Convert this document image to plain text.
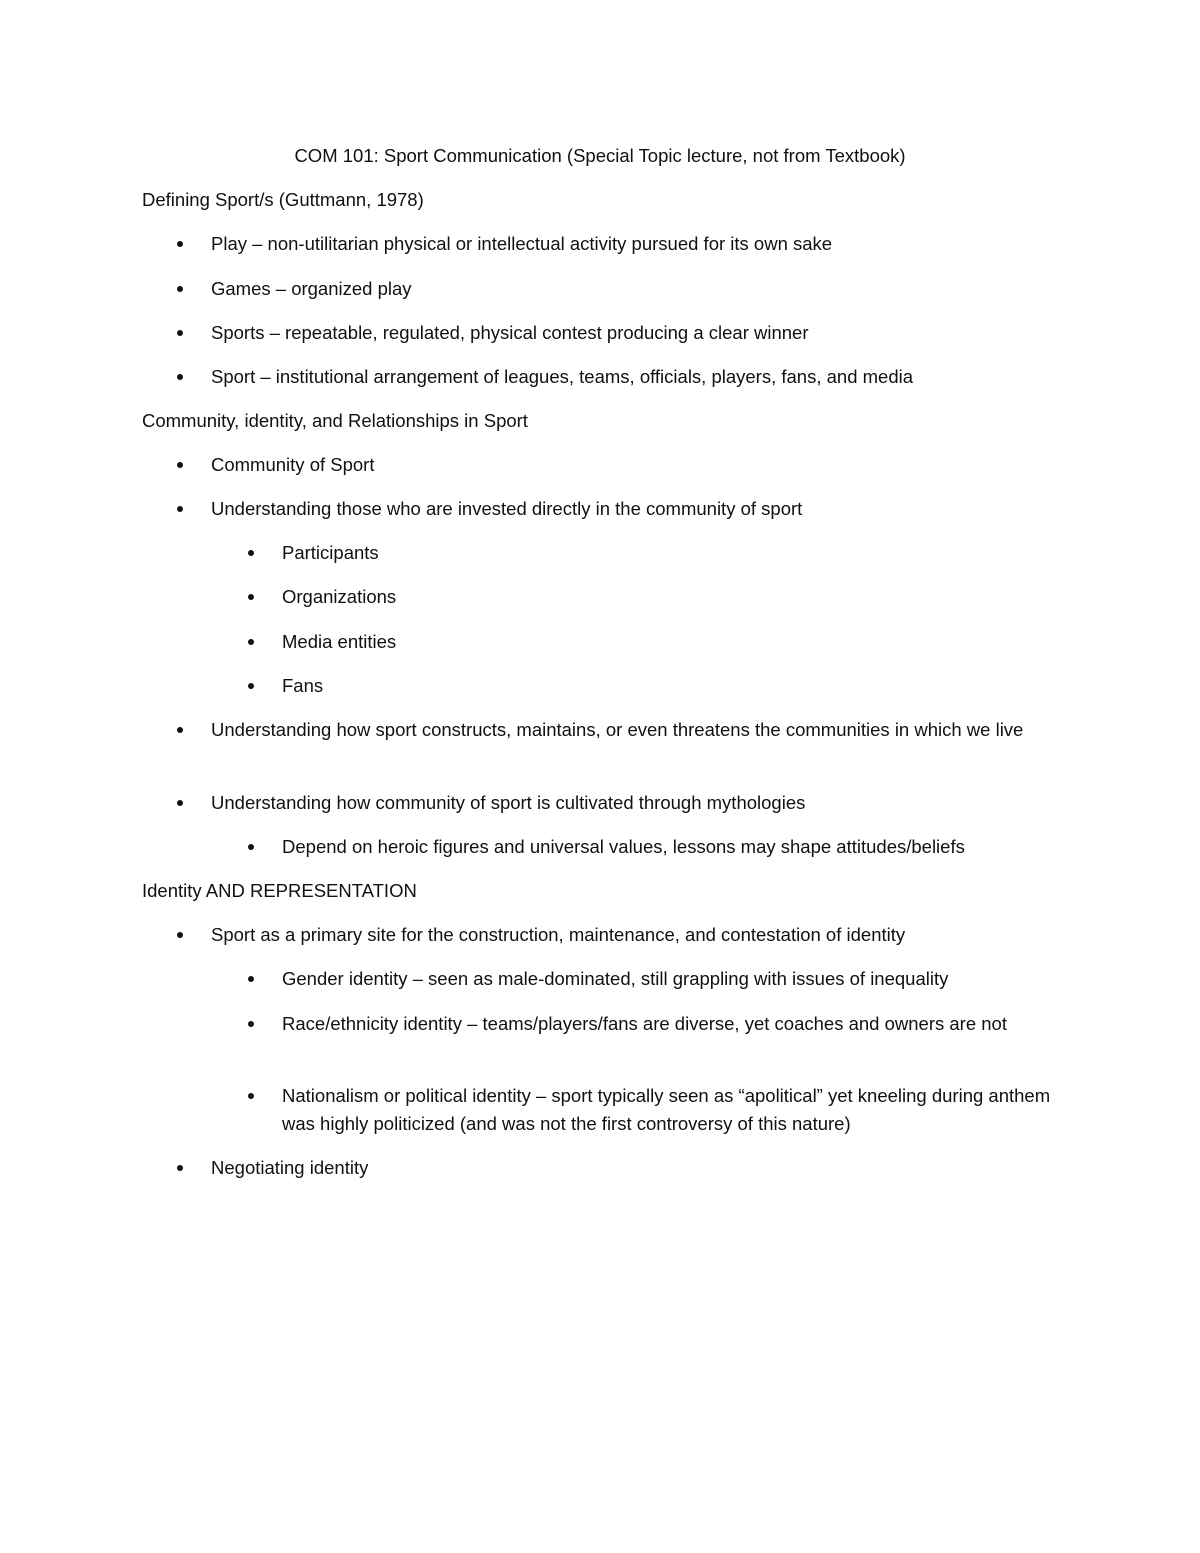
COM 101: Sport Communication (Special Topic lecture, not from Textbook)
Defining Sport/s (Guttmann, 1978)
Play – non-utilitarian physical or intellectual activity pursued for its own sake
Games – organized play
Sports – repeatable, regulated, physical contest producing a clear winner
Sport – institutional arrangement of leagues, teams, officials, players, fans, and media
Community, identity, and Relationships in Sport
Community of Sport
Understanding those who are invested directly in the community of sport
Participants
Organizations
Media entities
Fans
Understanding how sport constructs, maintains, or even threatens the communities in which we live
Understanding how community of sport is cultivated through mythologies
Depend on heroic figures and universal values, lessons may shape attitudes/beliefs
Identity AND REPRESENTATION
Sport as a primary site for the construction, maintenance, and contestation of identity
Gender identity – seen as male-dominated, still grappling with issues of inequality
Race/ethnicity identity – teams/players/fans are diverse, yet coaches and owners are not
Nationalism or political identity – sport typically seen as “apolitical” yet kneeling during anthem was highly politicized (and was not the first controversy of this nature)
Negotiating identity
